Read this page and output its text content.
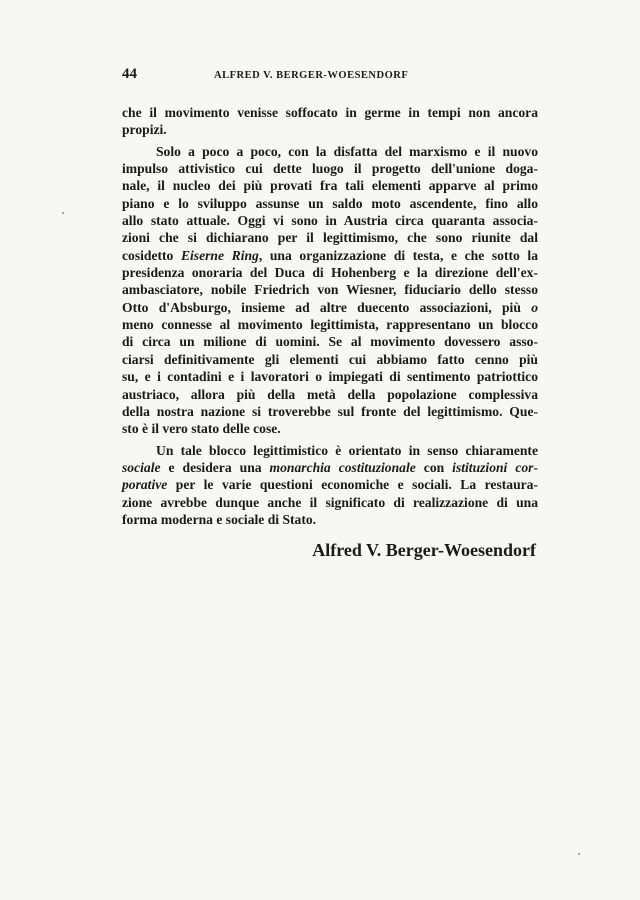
44	ALFRED V. BERGER-WOESENDORF
che il movimento venisse soffocato in germe in tempi non ancora
propizi.
Solo a poco a poco, con la disfatta del marxismo e il nuovo
impulso attivistico cui dette luogo il progetto dell'unione doga-
nale, il nucleo dei più provati fra tali elementi apparve al primo
piano e lo sviluppo assunse un saldo moto ascendente, fino allo
allo stato attuale. Oggi vi sono in Austria circa quaranta associa-
zioni che si dichiarano per il legittimismo, che sono riunite dal
cosidetto Eiserne Ring, una organizzazione di testa, e che sotto la
presidenza onoraria del Duca di Hohenberg e la direzione dell'ex-
ambasciatore, nobile Friedrich von Wiesner, fiduciario dello stesso
Otto d'Absburgo, insieme ad altre duecento associazioni, più o
meno connesse al movimento legittimista, rappresentano un blocco
di circa un milione di uomini. Se al movimento dovessero asso-
ciarsi definitivamente gli elementi cui abbiamo fatto cenno più
su, e i contadini e i lavoratori o impiegati di sentimento patriottico
austriaco, allora più della metà della popolazione complessiva
della nostra nazione si troverebbe sul fronte del legittimismo. Que-
sto è il vero stato delle cose.
Un tale blocco legittimistico è orientato in senso chiaramente
sociale e desidera una monarchia costituzionale con istituzioni cor-
porative per le varie questioni economiche e sociali. La restaura-
zione avrebbe dunque anche il significato di realizzazione di una
forma moderna e sociale di Stato.
Alfred V. Berger-Woesendorf
